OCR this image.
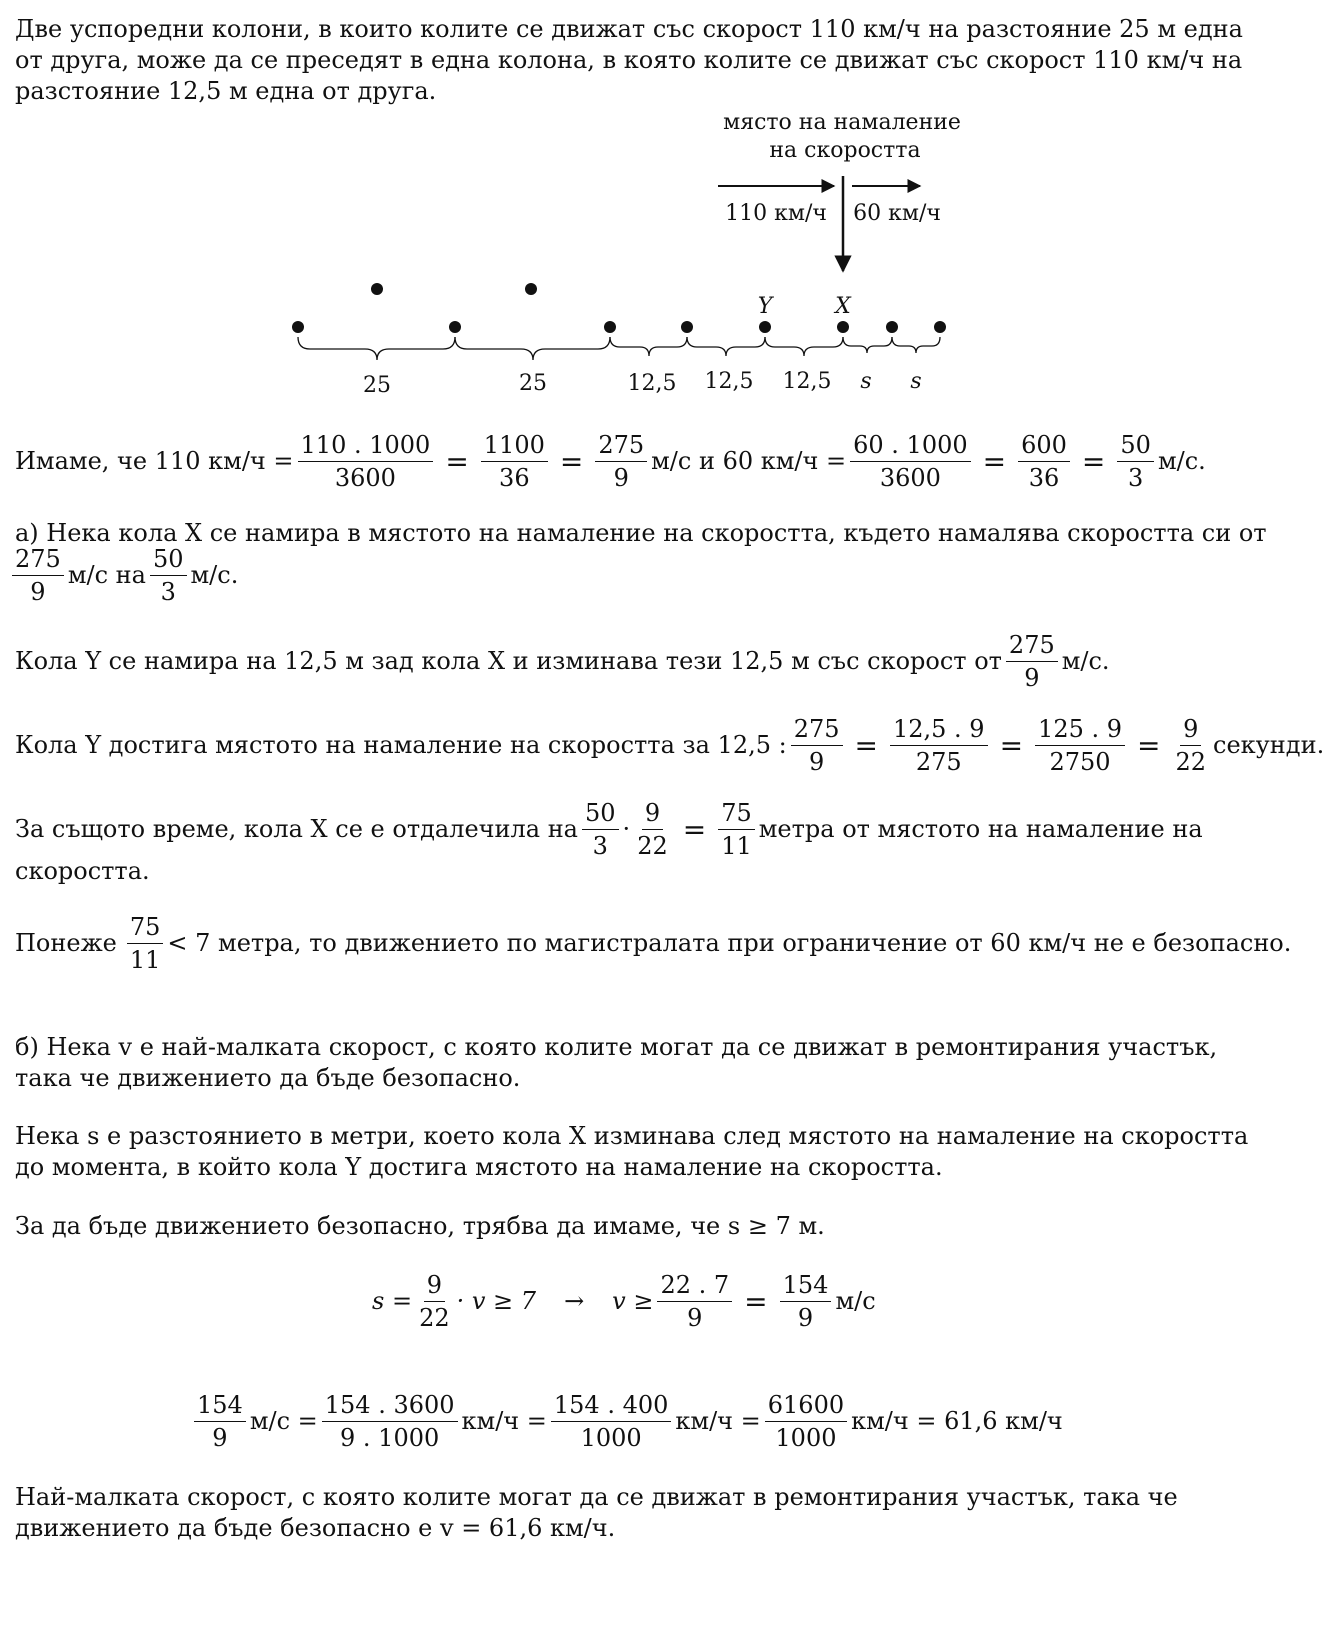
Две успоредни колони, в които колите се движат със скорост 110 км/ч на разстояние 25 м една от друга, може да се преседят в една колона, в която колите се движат със скорост 110 км/ч на разстояние 12,5 м една от друга.
място на намаление
на скоростта
110 км/ч 60 км/ч
Y	X
25	25	12,5 12,5 12,5 s s
Имаме, че 110 $км/ч = \frac{110 . 1000}{3600} = \frac{1100}{36} = \frac{275}{9} м/с$ и 60 $км/ч = \frac{60 . 1000}{3600} = \frac{600}{36} = \frac{50}{3} м/с$.
а) Нека кола X се намира в мястото на намаление на скоростта, където намалява скоростта си от
275
9
м/с на
50
3
м/с.
Кола Y се намира на 12,5 м зад кола X и изминава тези 12,5 м със скорост от
275
9
м/с.
Кола Y достига мястото на намаление на скоростта за 12,5 : $\frac{275}{9} = \frac{12,5 . 9}{275} = \frac{125 . 9}{2750} = \frac{9}{22}$ секунди.
За същото време, кола X се е отдалечила на
50
3
· $\frac{9}{22} = \frac{75}{11}$ метра от мястото на намаление на
скоростта.
Понеже
75
11
< 7 метра, то движението по магистралата при ограничение от 60 км/ч не е безопасно.
б) Нека v е най-малката скорост, с която колите могат да се движат в ремонтирания участък, така че движението да бъде безопасно.
Нека s е разстоянието в метри, което кола X изминава след мястото на намаление на скоростта до момента, в който кола Y достига мястото на намаление на скоростта.
За да бъде движението безопасно, трябва да имаме, че s ≥ 7 м.
$s = \frac{9}{22} \cdot v \ge 7 \to v \ge \frac{22 . 7}{9} = \frac{154}{9} м/с$
154
9
$м/с = \frac{154 . 3600}{9 . 1000} км/ч = \frac{154 . 400}{1000} км/ч = \frac{61600}{1000} км/ч = 61,6$ км/ч
Най-малката скорост, с която колите могат да се движат в ремонтирания участък, така че движението да бъде безопасно е v = 61,6 км/ч.
